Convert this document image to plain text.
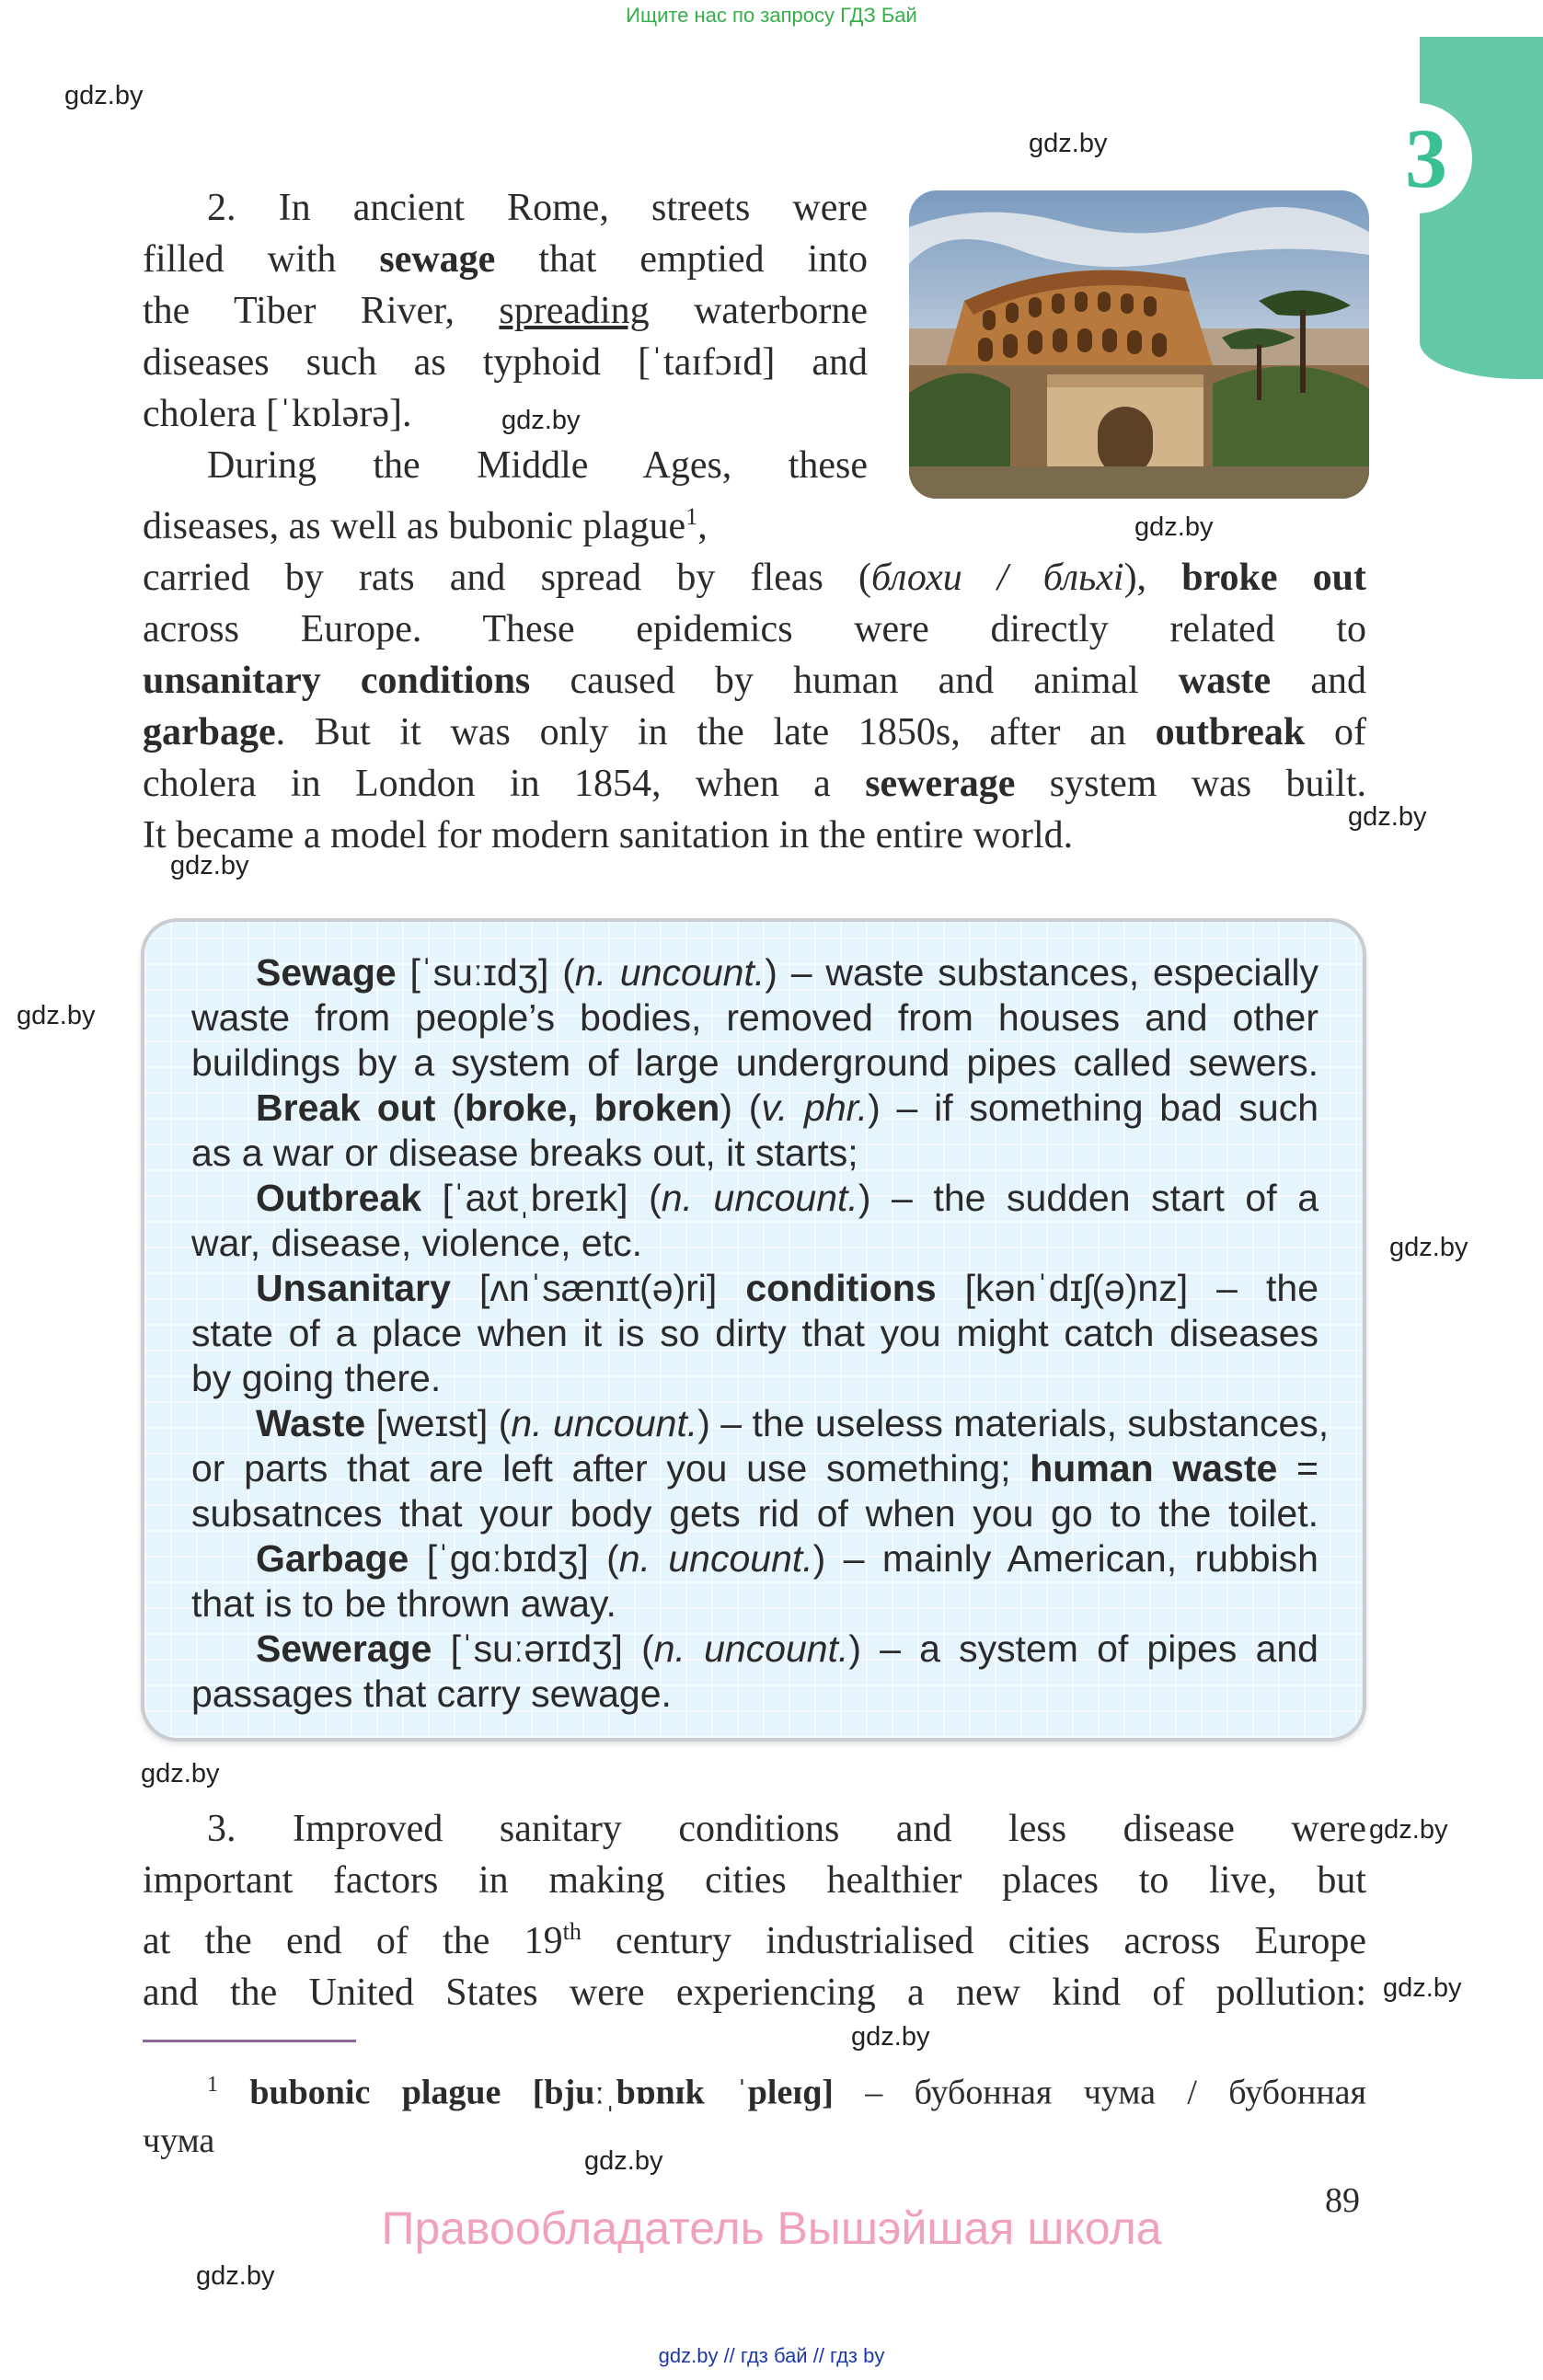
Ищите нас по запросу ГДЗ Бай
3
gdz.by
gdz.by
gdz.by
gdz.by
gdz.by
gdz.by
gdz.by
gdz.by
gdz.by
gdz.by
gdz.by
gdz.by
gdz.by
gdz.by
2. In ancient Rome, streets were
filled with sewage that emptied into
the Tiber River, spreading waterborne
diseases such as typhoid [ˈtaɪfɔɪd] and
cholera [ˈkɒlərə].
During the Middle Ages, these
diseases, as well as bubonic plague$^1$,
carried by rats and spread by fleas (блохи / бльхі), broke out
across Europe. These epidemics were directly related to
unsanitary conditions caused by human and animal waste and
garbage. But it was only in the late 1850s, after an outbreak of
cholera in London in 1854, when a sewerage system was built.
It became a model for modern sanitation in the entire world.
Sewage [ˈsuːɪdʒ] (n. uncount.) – waste substances, especially
waste from people’s bodies, removed from houses and other
buildings by a system of large underground pipes called sewers.
Break out (broke, broken) (v. phr.) – if something bad such
as a war or disease breaks out, it starts;
Outbreak [ˈaʊtˌbreɪk] (n. uncount.) – the sudden start of a
war, disease, violence, etc.
Unsanitary [ʌnˈsænɪt(ə)ri] conditions [kənˈdɪʃ(ə)nz] – the
state of a place when it is so dirty that you might catch diseases
by going there.
Waste [weɪst] (n. uncount.) – the useless materials, substances,
or parts that are left after you use something; human waste =
subsatnces that your body gets rid of when you go to the toilet.
Garbage [ˈɡɑːbɪdʒ] (n. uncount.) – mainly American, rubbish
that is to be thrown away.
Sewerage [ˈsuːərɪdʒ] (n. uncount.) – a system of pipes and
passages that carry sewage.
3. Improved sanitary conditions and less disease were
important factors in making cities healthier places to live, but
at the end of the 19th century industrialised cities across Europe
and the United States were experiencing a new kind of pollution:
$^1$ bubonic plague [bjuːˌbɒnɪk ˈpleɪɡ] – бубонная чума / бубонная
чума
89
Правообладатель Вышэйшая школа
gdz.by // гдз бай // гдз by
